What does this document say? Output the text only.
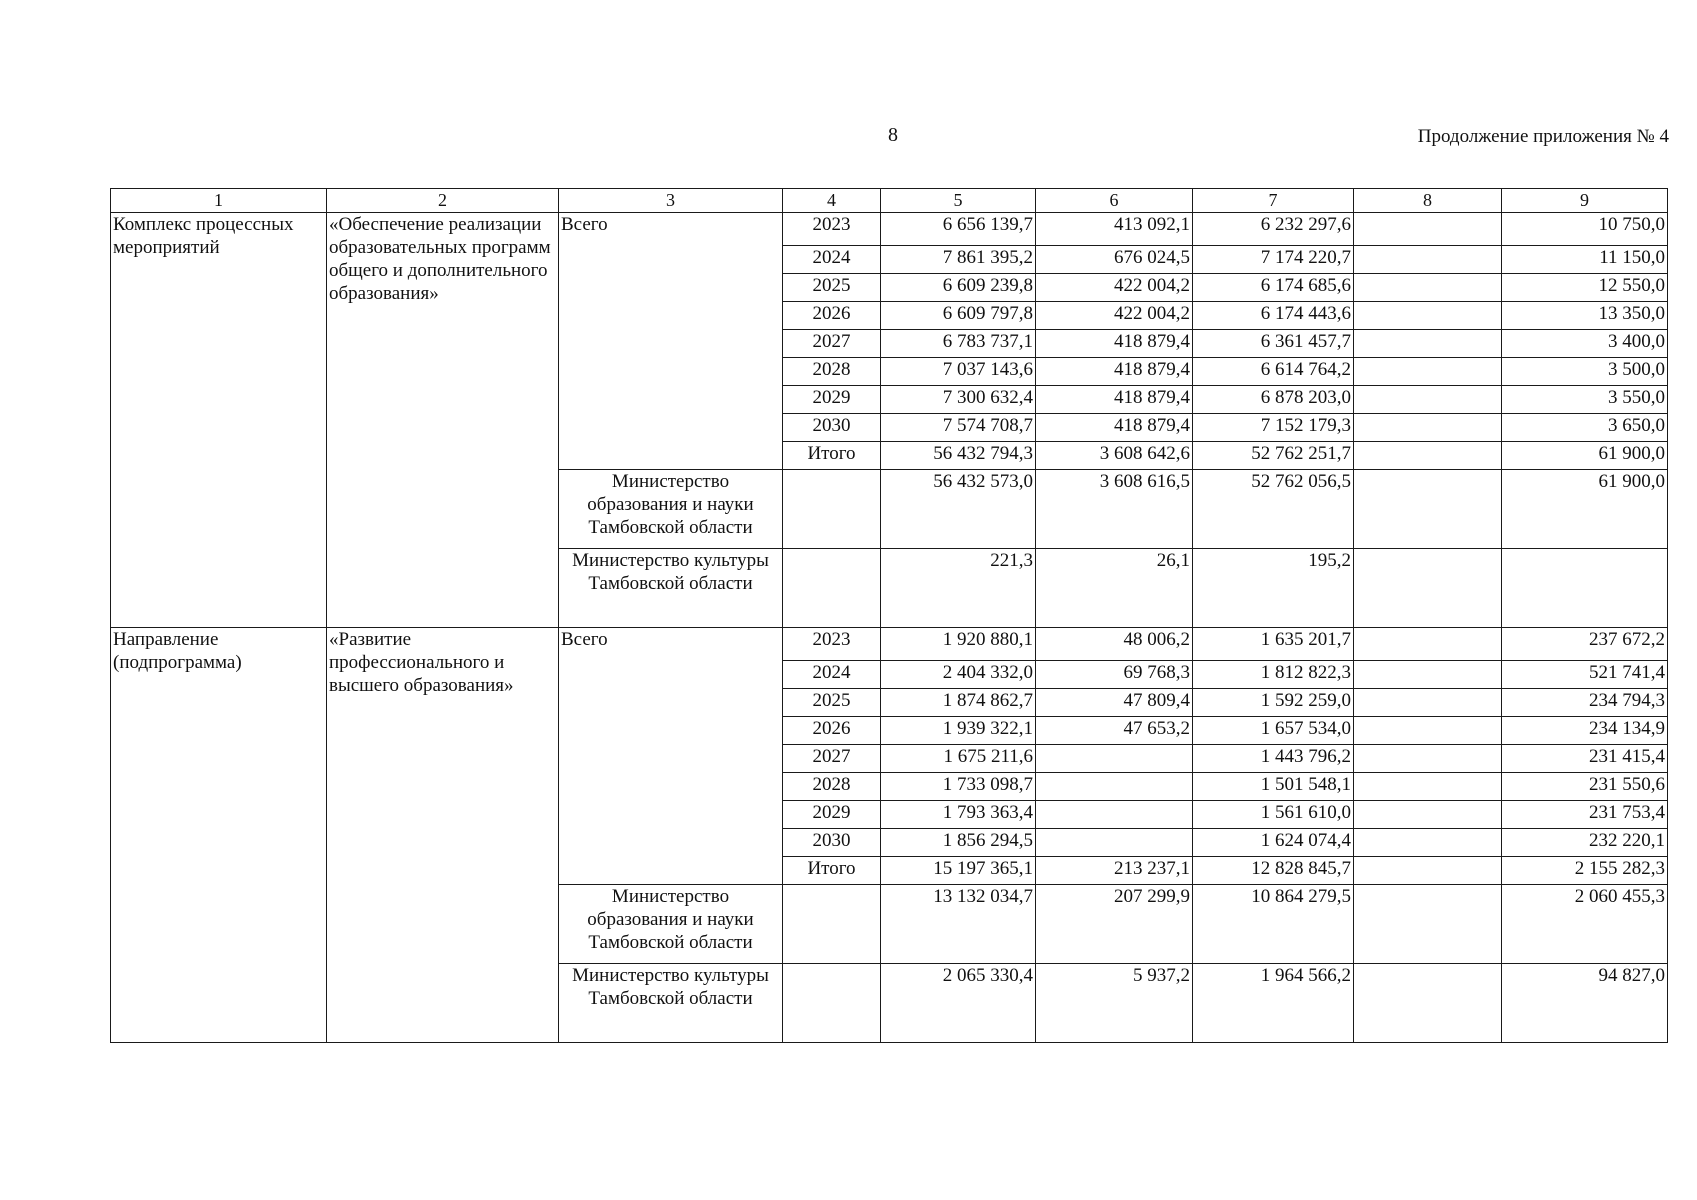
8	Продолжение приложения № 4
1	2	3	4	5	6	7	8	9
Комплекс процессных мероприятий	«Обеспечение реализации образовательных программ общего и дополнительного образования»	Всего	2023	6 656 139,7	413 092,1	6 232 297,6		10 750,0
			2024	7 861 395,2	676 024,5	7 174 220,7		11 150,0
			2025	6 609 239,8	422 004,2	6 174 685,6		12 550,0
			2026	6 609 797,8	422 004,2	6 174 443,6		13 350,0
			2027	6 783 737,1	418 879,4	6 361 457,7		3 400,0
			2028	7 037 143,6	418 879,4	6 614 764,2		3 500,0
			2029	7 300 632,4	418 879,4	6 878 203,0		3 550,0
			2030	7 574 708,7	418 879,4	7 152 179,3		3 650,0
			Итого	56 432 794,3	3 608 642,6	52 762 251,7		61 900,0
		Министерство образования и науки Тамбовской области		56 432 573,0	3 608 616,5	52 762 056,5		61 900,0
		Министерство культуры Тамбовской области		221,3	26,1	195,2		
Направление (подпрограмма)	«Развитие профессионального и высшего образования»	Всего	2023	1 920 880,1	48 006,2	1 635 201,7		237 672,2
			2024	2 404 332,0	69 768,3	1 812 822,3		521 741,4
			2025	1 874 862,7	47 809,4	1 592 259,0		234 794,3
			2026	1 939 322,1	47 653,2	1 657 534,0		234 134,9
			2027	1 675 211,6		1 443 796,2		231 415,4
			2028	1 733 098,7		1 501 548,1		231 550,6
			2029	1 793 363,4		1 561 610,0		231 753,4
			2030	1 856 294,5		1 624 074,4		232 220,1
			Итого	15 197 365,1	213 237,1	12 828 845,7		2 155 282,3
		Министерство образования и науки Тамбовской области		13 132 034,7	207 299,9	10 864 279,5		2 060 455,3
		Министерство культуры Тамбовской области		2 065 330,4	5 937,2	1 964 566,2		94 827,0
